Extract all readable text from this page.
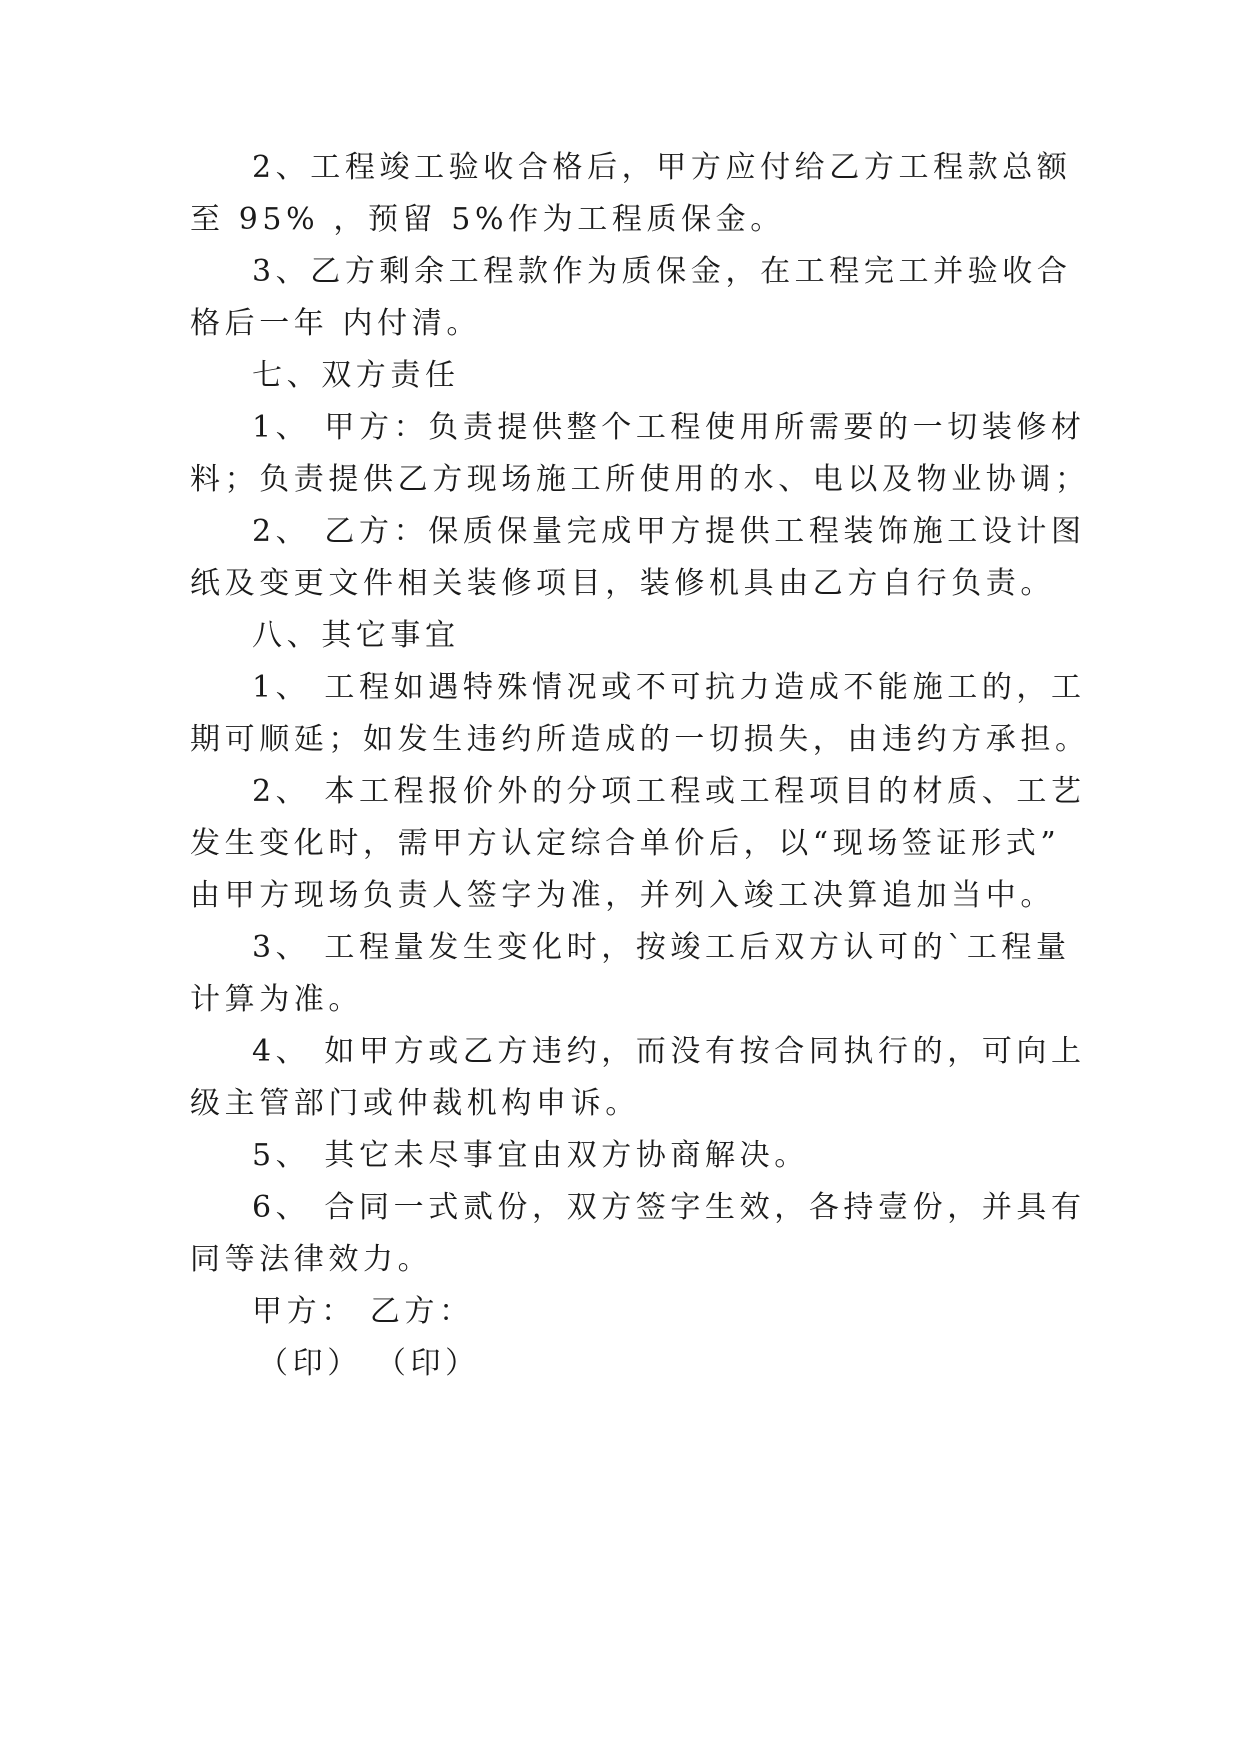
2、工程竣工验收合格后，甲方应付给乙方工程款总额
至 95% ，预留 5%作为工程质保金。
3、乙方剩余工程款作为质保金，在工程完工并验收合
格后一年 内付清。
七、双方责任
1、 甲方：负责提供整个工程使用所需要的一切装修材
料；负责提供乙方现场施工所使用的水、电以及物业协调；
2、 乙方：保质保量完成甲方提供工程装饰施工设计图
纸及变更文件相关装修项目，装修机具由乙方自行负责。
八、其它事宜
1、 工程如遇特殊情况或不可抗力造成不能施工的，工
期可顺延；如发生违约所造成的一切损失，由违约方承担。
2、 本工程报价外的分项工程或工程项目的材质、工艺
发生变化时，需甲方认定综合单价后，以“现场签证形式”
由甲方现场负责人签字为准，并列入竣工决算追加当中。
3、 工程量发生变化时，按竣工后双方认可的`工程量
计算为准。
4、 如甲方或乙方违约，而没有按合同执行的，可向上
级主管部门或仲裁机构申诉。
5、 其它未尽事宜由双方协商解决。
6、 合同一式贰份，双方签字生效，各持壹份，并具有
同等法律效力。
甲方： 乙方：
（印） （印）
